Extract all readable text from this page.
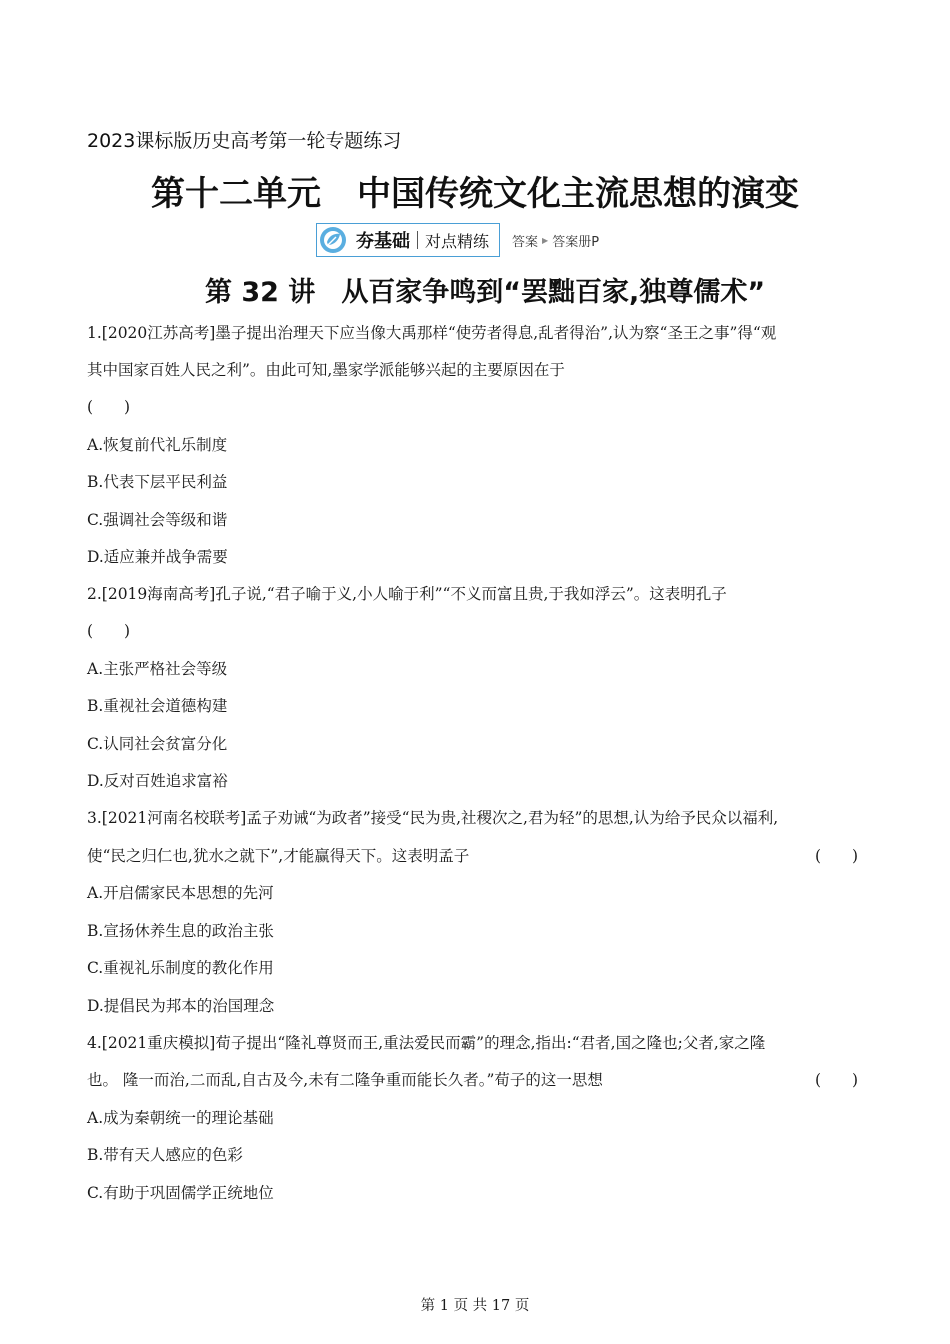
2023课标版历史高考第一轮专题练习
第十二单元 中国传统文化主流思想的演变
夯基础 对点精练 答案 ▶ 答案册P
第 32 讲 从百家争鸣到“罢黜百家,独尊儒术”
1.[2020江苏高考]墨子提出治理天下应当像大禹那样“使劳者得息,乱者得治”,认为察“圣王之事”得“观
其中国家百姓人民之利”。由此可知,墨家学派能够兴起的主要原因在于
(　　)
A.恢复前代礼乐制度
B.代表下层平民利益
C.强调社会等级和谐
D.适应兼并战争需要
2.[2019海南高考]孔子说,“君子喻于义,小人喻于利”“不义而富且贵,于我如浮云”。这表明孔子
(　　)
A.主张严格社会等级
B.重视社会道德构建
C.认同社会贫富分化
D.反对百姓追求富裕
3.[2021河南名校联考]孟子劝诫“为政者”接受“民为贵,社稷次之,君为轻”的思想,认为给予民众以福利,
使“民之归仁也,犹水之就下”,才能赢得天下。这表明孟子	(　　)
A.开启儒家民本思想的先河
B.宣扬休养生息的政治主张
C.重视礼乐制度的教化作用
D.提倡民为邦本的治国理念
4.[2021重庆模拟]荀子提出“隆礼尊贤而王,重法爱民而霸”的理念,指出:“君者,国之隆也;父者,家之隆
也。 隆一而治,二而乱,自古及今,未有二隆争重而能长久者。”荀子的这一思想	(　　)
A.成为秦朝统一的理论基础
B.带有天人感应的色彩
C.有助于巩固儒学正统地位
第 1 页 共 17 页
